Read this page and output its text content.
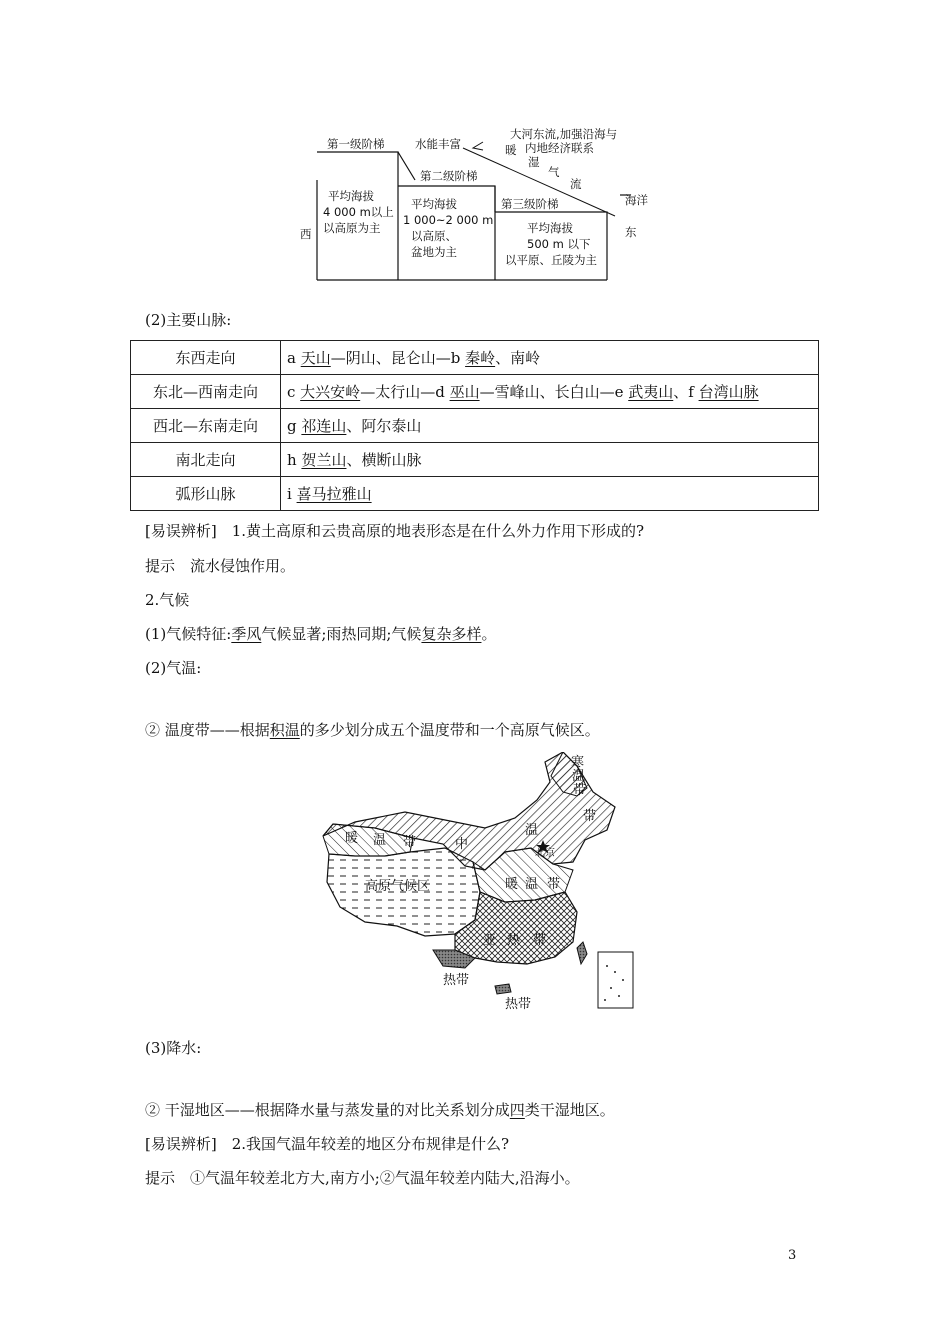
第一级阶梯	水能丰富
第二级阶梯
第三级阶梯
大河东流,加强沿海与
内地经济联系
暖
湿
气
流
海洋
西	东
平均海拔
4 000 m以上
以高原为主
平均海拔
1 000~2 000 m
以高原、
盆地为主
平均海拔
500 m 以下
以平原、丘陵为主
(2)主要山脉:
东西走向	a 天山—阴山、昆仑山—b 秦岭、南岭
东北—西南走向	c 大兴安岭—太行山—d 巫山—雪峰山、长白山—e 武夷山、f 台湾山脉
西北—东南走向	g 祁连山、阿尔泰山
南北走向	h 贺兰山、横断山脉
弧形山脉	i 喜马拉雅山
[易误辨析]　1.黄土高原和云贵高原的地表形态是在什么外力作用下形成的?
提示　流水侵蚀作用。
2.气候
(1)气候特征:季风气候显著;雨热同期;气候复杂多样。
(2)气温:
② 温度带——根据积温的多少划分成五个温度带和一个高原气候区。
北京
寒
温
带
中
温
带
暖 温 带
高原气候区	暖 温 带
亚 热 带
热带
热带
(3)降水:
② 干湿地区——根据降水量与蒸发量的对比关系划分成四类干湿地区。
[易误辨析]　2.我国气温年较差的地区分布规律是什么?
提示　①气温年较差北方大,南方小;②气温年较差内陆大,沿海小。
3
